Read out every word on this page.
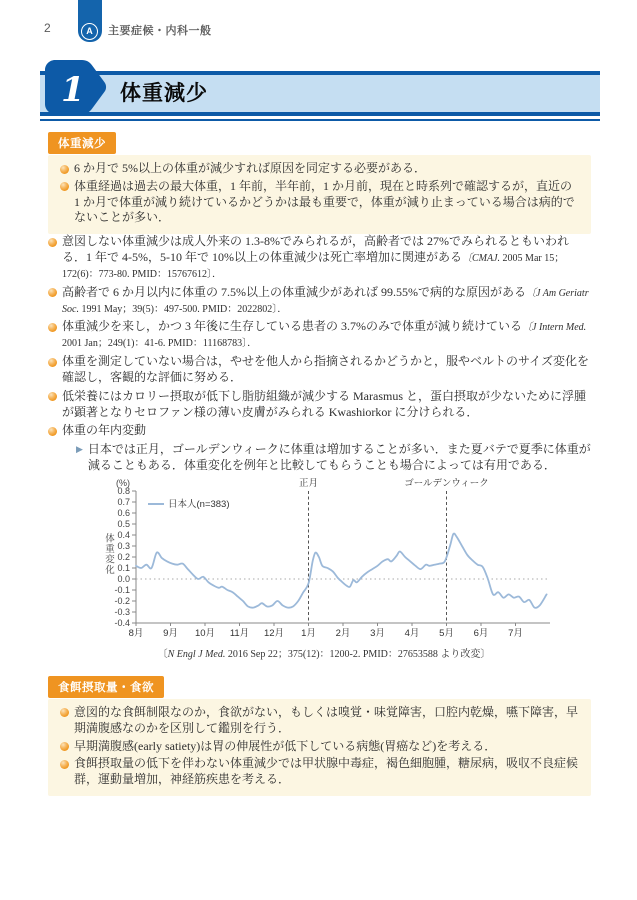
2	A	主要症候・内科一般
体重減少
1
体重減少
6 か月で 5%以上の体重が減少すれば原因を同定する必要がある．
体重経過は過去の最大体重，1 年前，半年前，1 か月前，現在と時系列で確認するが，直近の 1 か月で体重が減り続けているかどうかは最も重要で，体重が減り止まっている場合は病的でないことが多い．
意図しない体重減少は成人外来の 1.3-8%でみられるが，高齢者では 27%でみられるともいわれる．1 年で 4-5%，5-10 年で 10%以上の体重減少は死亡率増加に関連がある〔CMAJ. 2005 Mar 15；172(6)：773-80. PMID：15767612〕．
高齢者で 6 か月以内に体重の 7.5%以上の体重減少があれば 99.55%で病的な原因がある〔J Am Geriatr Soc. 1991 May；39(5)：497-500. PMID：2022802〕．
体重減少を来し，かつ 3 年後に生存している患者の 3.7%のみで体重が減り続けている〔J Intern Med. 2001 Jan；249(1)：41-6. PMID：11168783〕．
体重を測定していない場合は，やせを他人から指摘されるかどうかと，服やベルトのサイズ変化を確認し，客観的な評価に努める．
低栄養にはカロリー摂取が低下し脂肪組織が減少する Marasmus と，蛋白摂取が少ないために浮腫が顕著となりセロファン様の薄い皮膚がみられる Kwashiorkor に分けられる．
体重の年内変動
▶ 日本では正月，ゴールデンウィークに体重は増加することが多い．また夏バテで夏季に体重が減ることもある．体重変化を例年と比較してもらうことも場合によっては有用である．
体重変化
0.8
0.7
0.6
0.5
0.4
0.3
0.2
0.1
0.0
-0.1
-0.2
-0.3
-0.4
8月 9月 10月 11月 12月 1月 2月 3月 4月 5月 6月 7月
正月	ゴールデンウィーク
(%)
日本人(n=383)
〔N Engl J Med. 2016 Sep 22；375(12)：1200-2. PMID：27653588 より改変〕
食餌摂取量・食欲
意図的な食餌制限なのか，食欲がない，もしくは嗅覚・味覚障害，口腔内乾燥，嚥下障害，早期満腹感なのかを区別して鑑別を行う．
早期満腹感(early satiety)は胃の伸展性が低下している病態(胃癌など)を考える．
食餌摂取量の低下を伴わない体重減少では甲状腺中毒症，褐色細胞腫，糖尿病，吸収不良症候群，運動量増加，神経筋疾患を考える．
